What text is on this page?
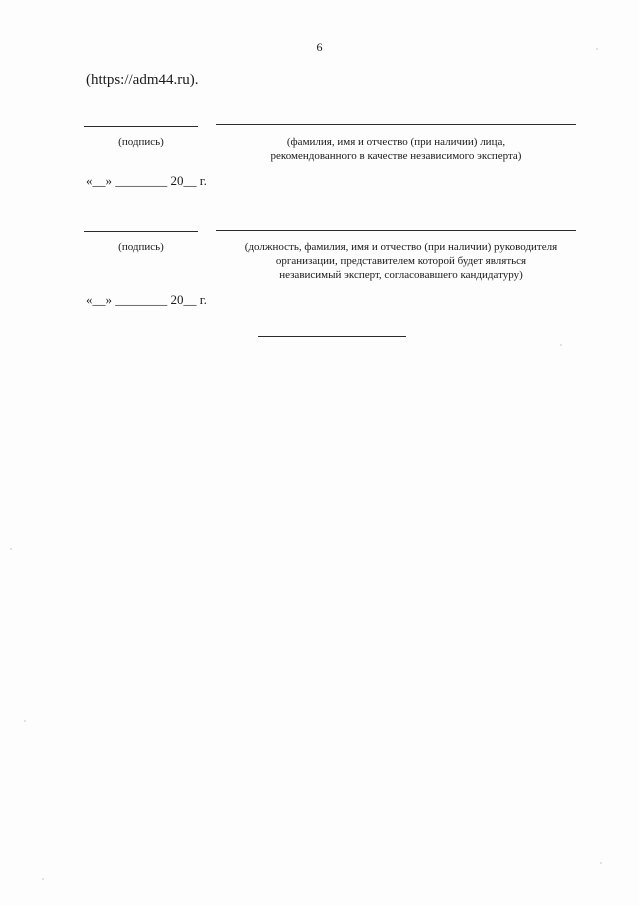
6
(https://adm44.ru).
(подпись)	(фамилия, имя и отчество (при наличии) лица,
рекомендованного в качестве независимого эксперта)
«__» ________ 20__ г.
(подпись)	(должность, фамилия, имя и отчество (при наличии) руководителя
организации, представителем которой будет являться
независимый эксперт, согласовавшего кандидатуру)
«__» ________ 20__ г.
